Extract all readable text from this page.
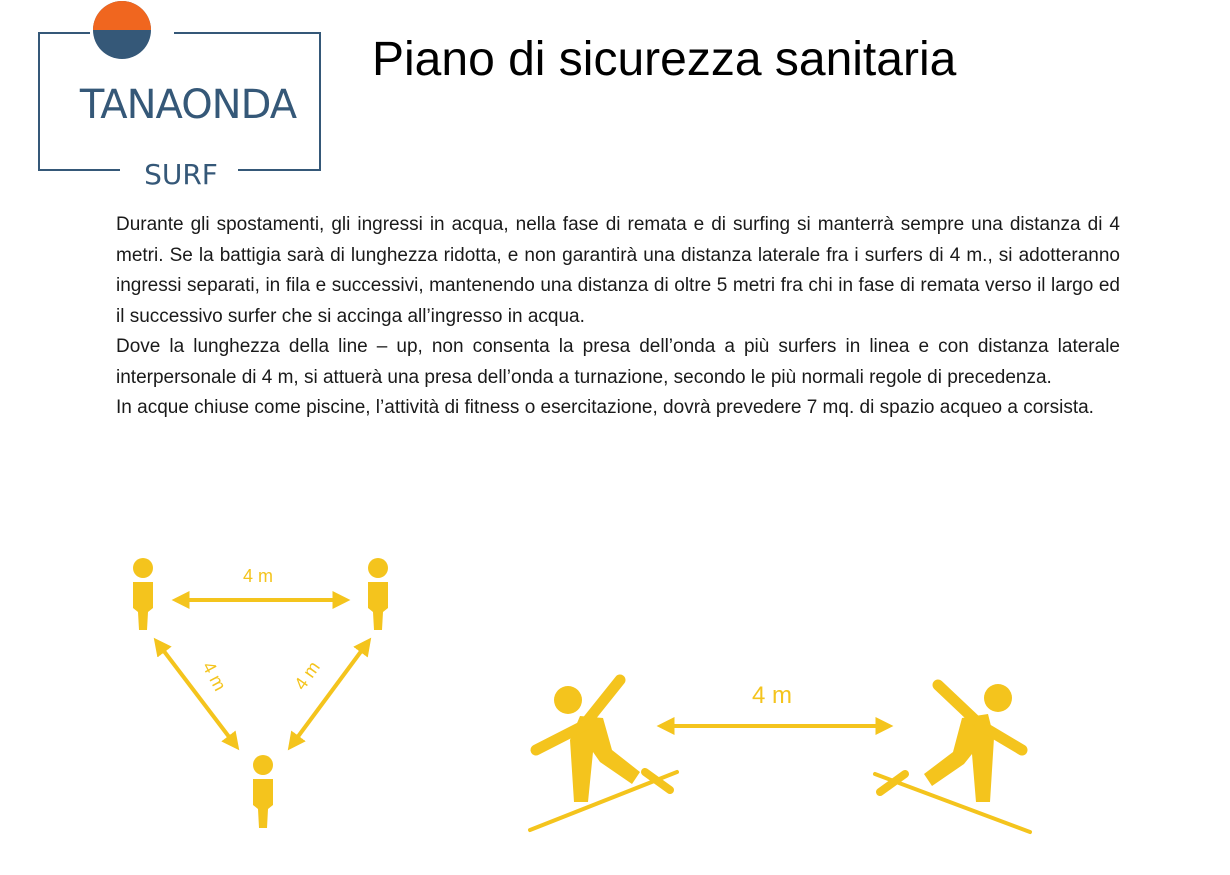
TANAONDA
SURF
Piano di sicurezza sanitaria

Durante gli spostamenti, gli ingressi in acqua, nella fase di remata e di surfing si manterrà sempre una distanza di 4 metri. Se la battigia sarà di lunghezza ridotta, e non garantirà una distanza laterale fra i surfers di 4 m., si adotteranno ingressi separati, in fila e successivi, mantenendo una distanza di oltre 5 metri fra chi in fase di remata verso il largo ed il successivo surfer che si accinga all’ingresso in acqua.

Dove la lunghezza della line – up, non consenta la presa dell’onda a più surfers in linea e con distanza laterale interpersonale di 4 m, si attuerà una presa dell’onda a turnazione, secondo le più normali regole di precedenza.

In acque chiuse come piscine, l’attività di fitness o esercitazione, dovrà prevedere 7 mq. di spazio acqueo a corsista.

4 m
4 m	4 m
4 m
